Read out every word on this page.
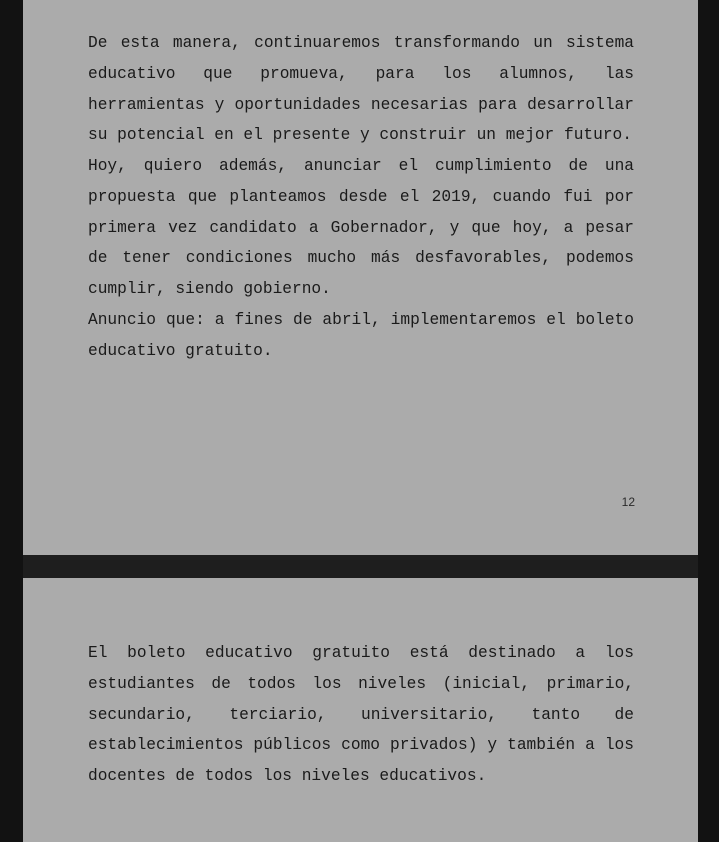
De esta manera, continuaremos transformando un sistema educativo que promueva, para los alumnos, las herramientas y oportunidades necesarias para desarrollar su potencial en el presente y construir un mejor futuro.

Hoy, quiero además, anunciar el cumplimiento de una propuesta que planteamos desde el 2019, cuando fui por primera vez candidato a Gobernador, y que hoy, a pesar de tener condiciones mucho más desfavorables, podemos cumplir, siendo gobierno.

Anuncio que: a fines de abril, implementaremos el boleto educativo gratuito.

12

El boleto educativo gratuito está destinado a los estudiantes de todos los niveles (inicial, primario, secundario, terciario, universitario, tanto de establecimientos públicos como privados) y también a los docentes de todos los niveles educativos.
